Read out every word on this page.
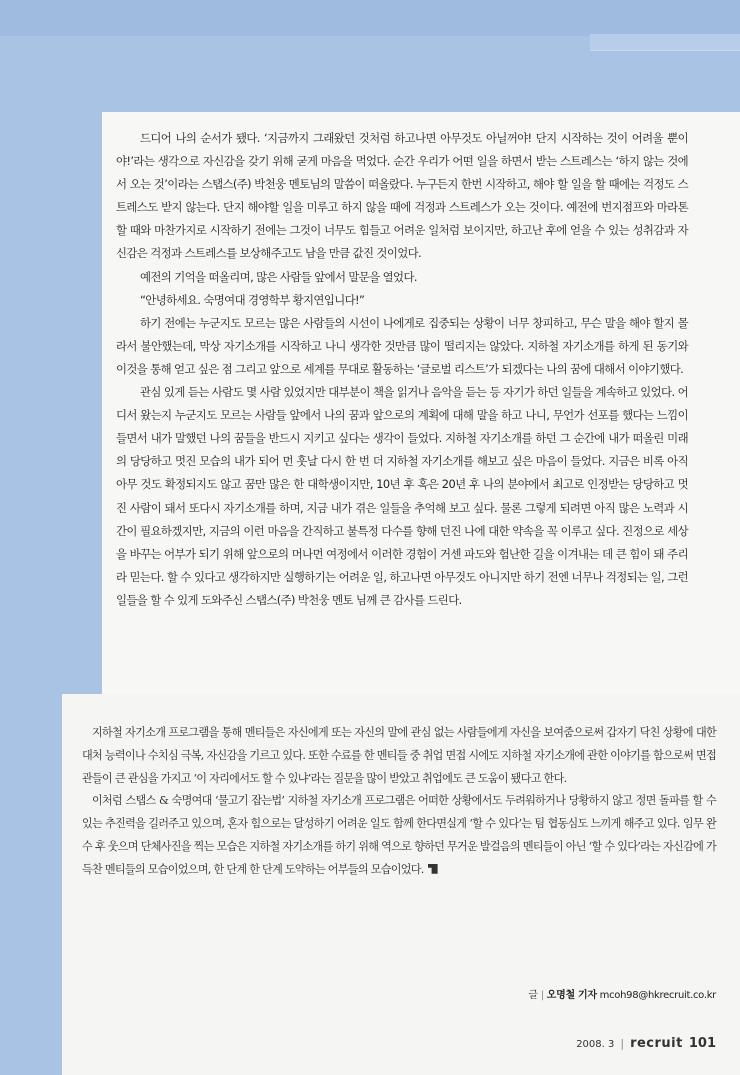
드디어 나의 순서가 됐다. ‘지금까지 그래왔던 것처럼 하고나면 아무것도 아닐꺼야! 단지 시작하는 것이 어려울 뿐이야!’라는 생각으로 자신감을 갖기 위해 굳게 마음을 먹었다. 순간 우리가 어떤 일을 하면서 받는 스트레스는 ‘하지 않는 것에서 오는 것’이라는 스탭스(주) 박천웅 멘토님의 말씀이 떠올랐다. 누구든지 한번 시작하고, 해야 할 일을 할 때에는 걱정도 스트레스도 받지 않는다. 단지 해야할 일을 미루고 하지 않을 때에 걱정과 스트레스가 오는 것이다. 예전에 번지점프와 마라톤 할 때와 마찬가지로 시작하기 전에는 그것이 너무도 힘들고 어려운 일처럼 보이지만, 하고난 후에 얻을 수 있는 성취감과 자신감은 걱정과 스트레스를 보상해주고도 남을 만큼 값진 것이었다.

예전의 기억을 떠올리며, 많은 사람들 앞에서 말문을 열었다.

“안녕하세요. 숙명여대 경영학부 황지연입니다!”

하기 전에는 누군지도 모르는 많은 사람들의 시선이 나에게로 집중되는 상황이 너무 창피하고, 무슨 말을 해야 할지 몰라서 불안했는데, 막상 자기소개를 시작하고 나니 생각한 것만큼 많이 떨리지는 않았다. 지하철 자기소개를 하게 된 동기와 이것을 통해 얻고 싶은 점 그리고 앞으로 세계를 무대로 활동하는 ‘글로벌 리스트’가 되겠다는 나의 꿈에 대해서 이야기했다.

관심 있게 듣는 사람도 몇 사람 있었지만 대부분이 책을 읽거나 음악을 듣는 등 자기가 하던 일들을 계속하고 있었다. 어디서 왔는지 누군지도 모르는 사람들 앞에서 나의 꿈과 앞으로의 계획에 대해 말을 하고 나니, 무언가 선포를 했다는 느낌이 들면서 내가 말했던 나의 꿈들을 반드시 지키고 싶다는 생각이 들었다. 지하철 자기소개를 하던 그 순간에 내가 떠올린 미래의 당당하고 멋진 모습의 내가 되어 먼 훗날 다시 한 번 더 지하철 자기소개를 해보고 싶은 마음이 들었다. 지금은 비록 아직 아무 것도 확정되지도 않고 꿈만 많은 한 대학생이지만, 10년 후 혹은 20년 후 나의 분야에서 최고로 인정받는 당당하고 멋진 사람이 돼서 또다시 자기소개를 하며, 지금 내가 겪은 일들을 추억해 보고 싶다. 물론 그렇게 되려면 아직 많은 노력과 시간이 필요하겠지만, 지금의 이런 마음을 간직하고 불특정 다수를 향해 던진 나에 대한 약속을 꼭 이루고 싶다. 진정으로 세상을 바꾸는 어부가 되기 위해 앞으로의 머나먼 여정에서 이러한 경험이 거센 파도와 험난한 길을 이겨내는 데 큰 힘이 돼 주리라 믿는다. 할 수 있다고 생각하지만 실행하기는 어려운 일, 하고나면 아무것도 아니지만 하기 전엔 너무나 걱정되는 일, 그런 일들을 할 수 있게 도와주신 스탭스(주) 박천웅 멘토 님께 큰 감사를 드린다.

지하철 자기소개 프로그램을 통해 멘티들은 자신에게 또는 자신의 말에 관심 없는 사람들에게 자신을 보여줌으로써 갑자기 닥친 상황에 대한 대처 능력이나 수치심 극복, 자신감을 기르고 있다. 또한 수료를 한 멘티들 중 취업 면접 시에도 지하철 자기소개에 관한 이야기를 함으로써 면접관들이 큰 관심을 가지고 ‘이 자리에서도 할 수 있냐’라는 질문을 많이 받았고 취업에도 큰 도움이 됐다고 한다.

이처럼 스탭스 & 숙명여대 ‘물고기 잡는법’ 지하철 자기소개 프로그램은 어떠한 상황에서도 두려워하거나 당황하지 않고 정면 돌파를 할 수 있는 추진력을 길러주고 있으며, 혼자 힘으로는 달성하기 어려운 일도 함께 한다면실게 ‘할 수 있다’는 팀 협동심도 느끼게 해주고 있다. 임무 완수 후 웃으며 단체사진을 찍는 모습은 지하철 자기소개를 하기 위해 역으로 향하던 무거운 발걸음의 멘티들이 아닌 ‘할 수 있다’라는 자신감에 가득찬 멘티들의 모습이었으며, 한 단계 한 단계 도약하는 어부들의 모습이었다.

글 | 오명철 기자 mcoh98@hkrecruit.co.kr
2008. 3 | recruit 101
